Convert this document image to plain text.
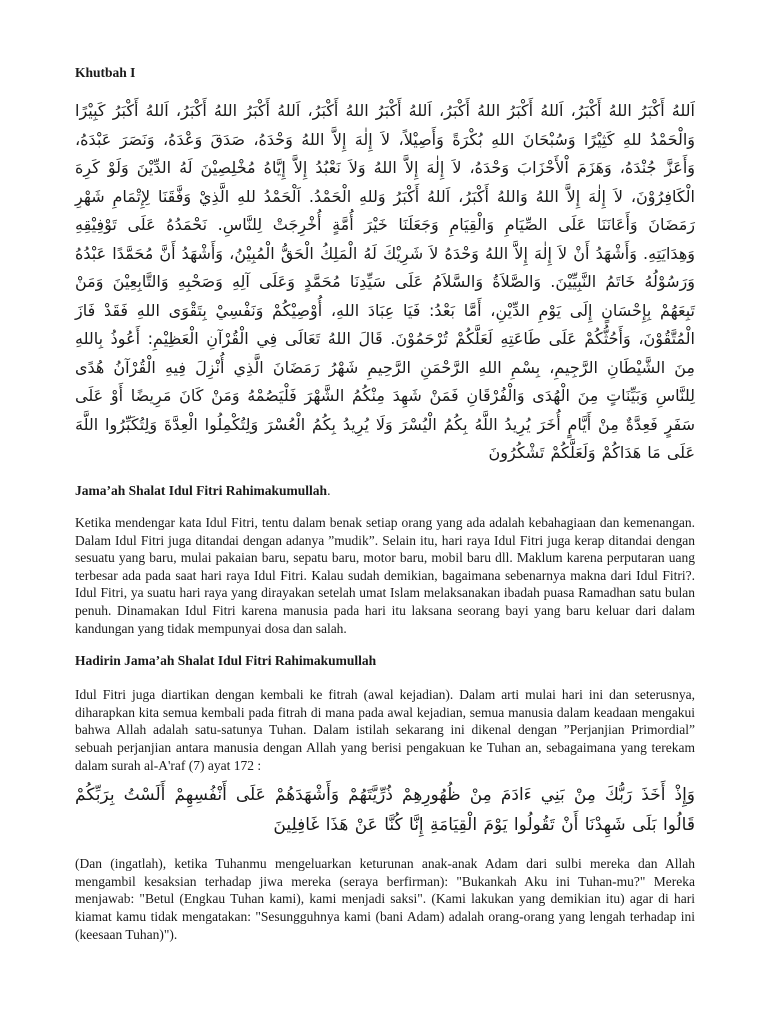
Khutbah I

اَللهُ أَكْبَرُ اللهُ أَكْبَرُ، اَللهُ أَكْبَرُ اللهُ أَكْبَرُ، اَللهُ أَكْبَرُ اللهُ أَكْبَرُ، اَللهُ أَكْبَرُ اللهُ أَكْبَرُ، اَللهُ أَكْبَرُ كَبِيْرًا وَالْحَمْدُ للهِ كَثِيْرًا وَسُبْحَانَ اللهِ بُكْرَةً وَأَصِيْلاً، لاَ إِلٰهَ إِلاَّ اللهُ وَحْدَهُ، صَدَقَ وَعْدَهُ، وَنَصَرَ عَبْدَهُ، وَأَعَزَّ جُنْدَهُ، وَهَزَمَ اْلأَحْزَابَ وَحْدَهُ، لاَ إِلٰهَ إِلاَّ اللهُ وَلاَ نَعْبُدُ إِلاَّ إِيَّاهُ مُخْلِصِيْنَ لَهُ الدِّيْنَ وَلَوْ كَرِهَ الْكَافِرُوْنَ، لاَ إِلٰهَ إِلاَّ اللهُ وَاللهُ أَكْبَرُ، اَللهُ أَكْبَرُ وَللهِ الْحَمْدُ. اَلْحَمْدُ للهِ الَّذِيْ وَفَّقَنَا لِإِتْمَامِ شَهْرِ رَمَضَانَ وَأَعَانَنَا عَلَى الصِّيَامِ وَالْقِيَامِ وَجَعَلَنَا خَيْرَ أُمَّةٍ أُخْرِجَتْ لِلنَّاسِ. نَحْمَدُهُ عَلَى تَوْفِيْقِهِ وَهِدَايَتِهِ. وَأَشْهَدُ أَنْ لاَ إِلٰهَ إِلاَّ اللهُ وَحْدَهُ لاَ شَرِيْكَ لَهُ الْمَلِكُ الْحَقُّ الْمُبِيْنُ، وَأَشْهَدُ أَنَّ مُحَمَّدًا عَبْدُهُ وَرَسُوْلُهُ خَاتَمُ النَّبِيِّيْنَ. وَالصَّلاَةُ وَالسَّلاَمُ عَلَى سَيِّدِنَا مُحَمَّدٍ وَعَلَى آلِهِ وَصَحْبِهِ وَالتَّابِعِيْنَ وَمَنْ تَبِعَهُمْ بِإِحْسَانٍ إِلَى يَوْمِ الدِّيْنِ، أَمَّا بَعْدُ: فَيَا عِبَادَ اللهِ، أُوْصِيْكُمْ وَنَفْسِيْ بِتَقْوَى اللهِ فَقَدْ فَازَ الْمُتَّقُوْنَ، وَأَحُثُّكُمْ عَلَى طَاعَتِهِ لَعَلَّكُمْ تُرْحَمُوْنَ. قَالَ اللهُ تَعَالَى فِي الْقُرْآنِ الْعَظِيْمِ: أَعُوذُ بِاللهِ مِنَ الشَّيْطَانِ الرَّجِيمِ، بِسْمِ اللهِ الرَّحْمَنِ الرَّحِيمِ شَهْرُ رَمَضَانَ الَّذِي أُنْزِلَ فِيهِ الْقُرْآنُ هُدًى لِلنَّاسِ وَبَيِّنَاتٍ مِنَ الْهُدَى وَالْفُرْقَانِ فَمَنْ شَهِدَ مِنْكُمُ الشَّهْرَ فَلْيَصُمْهُ وَمَنْ كَانَ مَرِيضًا أَوْ عَلَى سَفَرٍ فَعِدَّةٌ مِنْ أَيَّامٍ أُخَرَ يُرِيدُ اللَّهُ بِكُمُ الْيُسْرَ وَلَا يُرِيدُ بِكُمُ الْعُسْرَ وَلِتُكْمِلُوا الْعِدَّةَ وَلِتُكَبِّرُوا اللَّهَ عَلَى مَا هَدَاكُمْ وَلَعَلَّكُمْ تَشْكُرُونَ

Jama’ah Shalat Idul Fitri Rahimakumullah.

Ketika mendengar kata Idul Fitri, tentu dalam benak setiap orang yang ada adalah kebahagiaan dan kemenangan. Dalam Idul Fitri juga ditandai dengan adanya ”mudik”. Selain itu, hari raya Idul Fitri juga kerap ditandai dengan sesuatu yang baru, mulai pakaian baru, sepatu baru, motor baru, mobil baru dll. Maklum karena perputaran uang terbesar ada pada saat hari raya Idul Fitri. Kalau sudah demikian, bagaimana sebenarnya makna dari Idul Fitri?. Idul Fitri, ya suatu hari raya yang dirayakan setelah umat Islam melaksanakan ibadah puasa Ramadhan satu bulan penuh. Dinamakan Idul Fitri karena manusia pada hari itu laksana seorang bayi yang baru keluar dari dalam kandungan yang tidak mempunyai dosa dan salah.

Hadirin Jama’ah Shalat Idul Fitri Rahimakumullah

Idul Fitri juga diartikan dengan kembali ke fitrah (awal kejadian). Dalam arti mulai hari ini dan seterusnya, diharapkan kita semua kembali pada fitrah di mana pada awal kejadian, semua manusia dalam keadaan mengakui bahwa Allah adalah satu-satunya Tuhan. Dalam istilah sekarang ini dikenal dengan ”Perjanjian Primordial” sebuah perjanjian antara manusia dengan Allah yang berisi pengakuan ke Tuhan an, sebagaimana yang terekam dalam surah al-A'raf (7) ayat 172 :

وَإِذْ أَخَذَ رَبُّكَ مِنْ بَنِي ءَادَمَ مِنْ ظُهُورِهِمْ ذُرِّيَّتَهُمْ وَأَشْهَدَهُمْ عَلَى أَنْفُسِهِمْ أَلَسْتُ بِرَبِّكُمْ قَالُوا بَلَى شَهِدْنَا أَنْ تَقُولُوا يَوْمَ الْقِيَامَةِ إِنَّا كُنَّا عَنْ هَذَا غَافِلِينَ

(Dan (ingatlah), ketika Tuhanmu mengeluarkan keturunan anak-anak Adam dari sulbi mereka dan Allah mengambil kesaksian terhadap jiwa mereka (seraya berfirman): "Bukankah Aku ini Tuhan-mu?" Mereka menjawab: "Betul (Engkau Tuhan kami), kami menjadi saksi". (Kami lakukan yang demikian itu) agar di hari kiamat kamu tidak mengatakan: "Sesungguhnya kami (bani Adam) adalah orang-orang yang lengah terhadap ini (keesaan Tuhan)").
